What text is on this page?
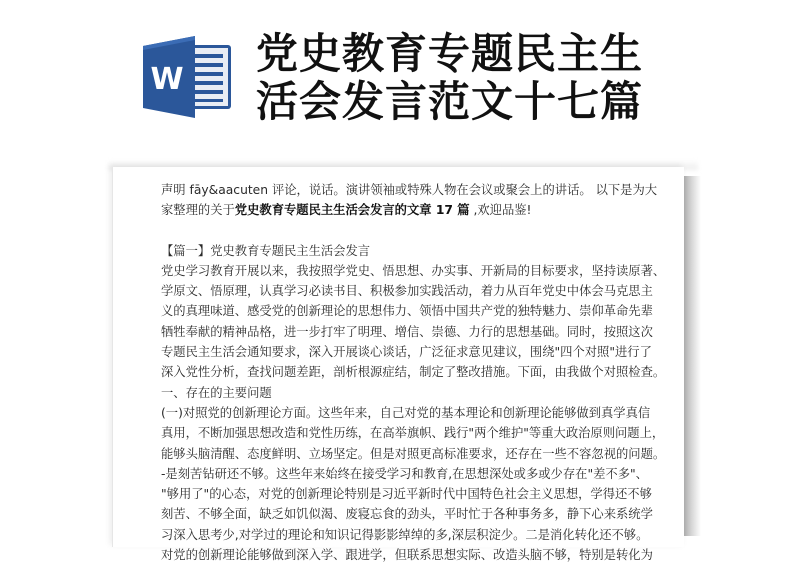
W
党史教育专题民主生
活会发言范文十七篇

声明 fāy&aacuten 评论，说话。演讲领袖或特殊人物在会议或聚会上的讲话。 以下是为大

家整理的关于党史教育专题民主生活会发言的文章 17 篇 ,欢迎品鉴!

【篇一】党史教育专题民主生活会发言

党史学习教育开展以来，我按照学党史、悟思想、办实事、开新局的目标要求，坚持读原著、

学原文、悟原理，认真学习必读书目、积极参加实践活动，着力从百年党史中体会马克思主

义的真理味道、感受党的创新理论的思想伟力、领悟中国共产党的独特魅力、崇仰革命先辈

牺牲奉献的精神品格，进一步打牢了明理、增信、崇德、力行的思想基础。同时，按照这次

专题民主生活会通知要求，深入开展谈心谈话，广泛征求意见建议，围绕"四个对照"进行了

深入党性分析，查找问题差距，剖析根源症结，制定了整改措施。下面，由我做个对照检查。

一、存在的主要问题

(一)对照党的创新理论方面。这些年来，自己对党的基本理论和创新理论能够做到真学真信

真用，不断加强思想改造和党性历练，在高举旗帜、践行"两个维护"等重大政治原则问题上，

能够头脑清醒、态度鲜明、立场坚定。但是对照更高标准要求，还存在一些不容忽视的问题。

-是刻苦钻研还不够。这些年来始终在接受学习和教育,在思想深处或多或少存在"差不多"、

"够用了"的心态，对党的创新理论特别是习近平新时代中国特色社会主义思想，学得还不够

刻苦、不够全面，缺乏如饥似渴、废寝忘食的劲头，平时忙于各种事务多，静下心来系统学

习深入思考少,对学过的理论和知识记得影影绰绰的多,深层积淀少。二是消化转化还不够。

对党的创新理论能够做到深入学、跟进学，但联系思想实际、改造头脑不够，特别是转化为
